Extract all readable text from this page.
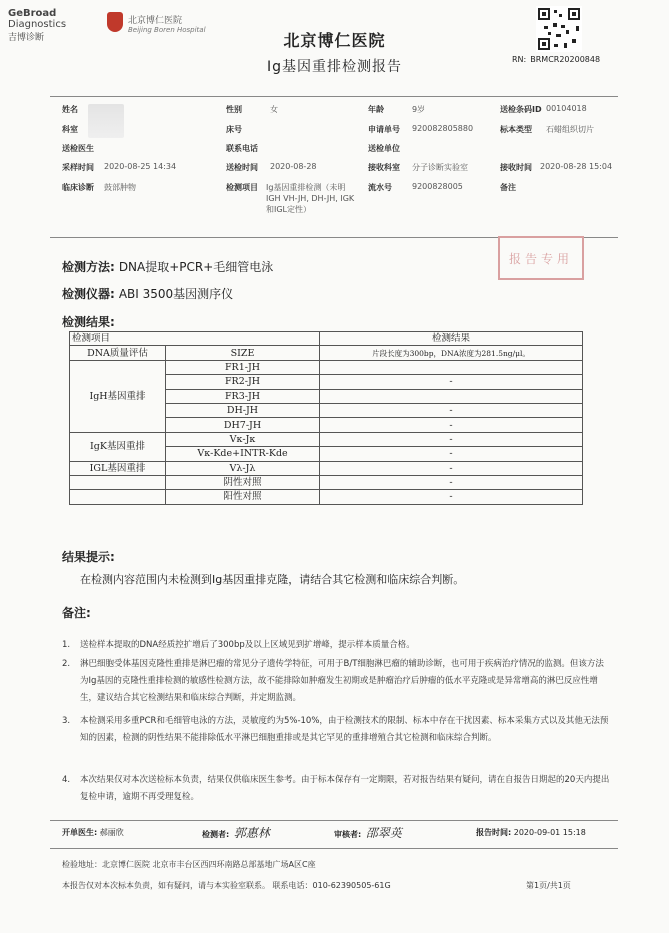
GeBroad
Diagnostics
吉博诊断
北京博仁医院
Beijing Boren Hospital
北京博仁医院
Ig基因重排检测报告	RN: BRMCR20200848
姓名	性别	女	年龄	9岁	送检条码ID 00104018
科室	床号	申请单号 920082805880	标本类型 石蜡组织切片
送检医生	联系电话	送检单位
采样时间 2020-08-25 14:34	送检时间 2020-08-28	接收科室 分子诊断实验室	接收时间 2020-08-28 15:04
临床诊断 鼓部肿物	检测项目 Ig基因重排检测（未明IGH VH-JH, DH-JH, IGK和IGL定性）
流水号	9200828005	备注
报告专用
检测方法: DNA提取+PCR+毛细管电泳
检测仪器: ABI 3500基因测序仪
检测结果:
检测项目		检测结果
DNA质量评估	SIZE	片段长度为300bp，DNA浓度为281.5ng/μl。
IgH基因重排	FR1-JH	
	FR2-JH	-
	FR3-JH	
	DH-JH	-
	DH7-JH	-
IgK基因重排	Vκ-Jκ	-
	Vκ-Kde+INTR-Kde	-
IGL基因重排	Vλ-Jλ	-
	阴性对照	-
	阳性对照	-
结果提示:
在检测内容范围内未检测到Ig基因重排克隆，请结合其它检测和临床综合判断。
备注:
1. 送检样本提取的DNA经质控扩增后了300bp及以上区域见到扩增峰，提示样本质量合格。
2. 淋巴细胞受体基因克隆性重排是淋巴瘤的常见分子遗传学特征，可用于B/T细胞淋巴瘤的辅助诊断，也可用于疾病治疗情况的监测。但该方法为Ig基因的克隆性重排检测的敏感性检测方法，故不能排除如肿瘤发生初期或是肿瘤治疗后肿瘤的低水平克隆或是异常增高的淋巴反应性增生，建议结合其它检测结果和临床综合判断，并定期监测。
3. 本检测采用多重PCR和毛细管电泳的方法，灵敏度约为5%-10%，由于检测技术的限制、标本中存在干扰因素、标本采集方式以及其他无法预知的因素，检测的阴性结果不能排除低水平淋巴细胞重排或是其它罕见的重排增殖合其它检测和临床综合判断。
4. 本次结果仅对本次送检标本负责，结果仅供临床医生参考。由于标本保存有一定期限，若对报告结果有疑问，请在自报告日期起的20天内提出复检申请，逾期不再受理复检。
开单医生: 郝丽欣	检测者: 郭惠林	审核者: 邵翠英	报告时间: 2020-09-01 15:18
检验地址：北京博仁医院 北京市丰台区西四环南路总部基地广场A区C座
本报告仅对本次标本负责，如有疑问，请与本实验室联系。 联系电话：010-62390505-61G	第1页/共1页
